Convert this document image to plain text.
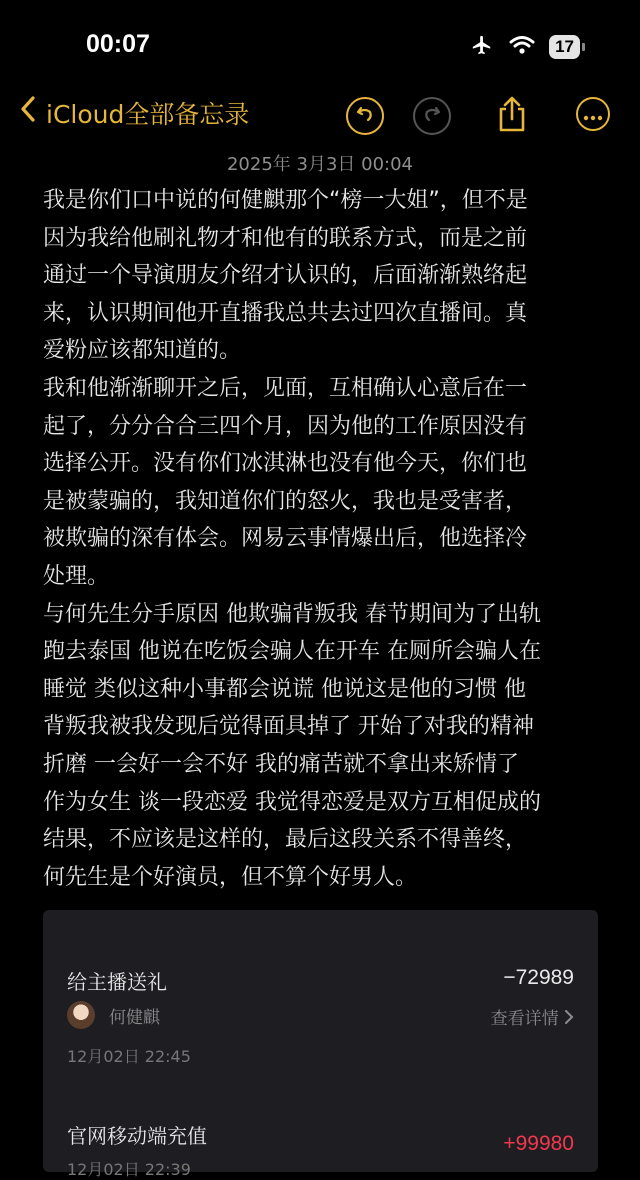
00:07	17
iCloud全部备忘录
2025年 3月3日 00:04

我是你们口中说的何健麒那个“榜一大姐”，但不是

因为我给他刷礼物才和他有的联系方式，而是之前

通过一个导演朋友介绍才认识的，后面渐渐熟络起

来，认识期间他开直播我总共去过四次直播间。真

爱粉应该都知道的。

我和他渐渐聊开之后，见面，互相确认心意后在一

起了，分分合合三四个月，因为他的工作原因没有

选择公开。没有你们冰淇淋也没有他今天，你们也

是被蒙骗的，我知道你们的怒火，我也是受害者，

被欺骗的深有体会。网易云事情爆出后，他选择冷

处理。

与何先生分手原因 他欺骗背叛我 春节期间为了出轨

跑去泰国 他说在吃饭会骗人在开车 在厕所会骗人在

睡觉 类似这种小事都会说谎 他说这是他的习惯 他

背叛我被我发现后觉得面具掉了 开始了对我的精神

折磨 一会好一会不好 我的痛苦就不拿出来矫情了

作为女生 谈一段恋爱 我觉得恋爱是双方互相促成的

结果，不应该是这样的，最后这段关系不得善终，

何先生是个好演员，但不算个好男人。

给主播送礼	−72989
何健麒	查看详情
12月02日 22:45
官网移动端充值	+99980
12月02日 22:39
